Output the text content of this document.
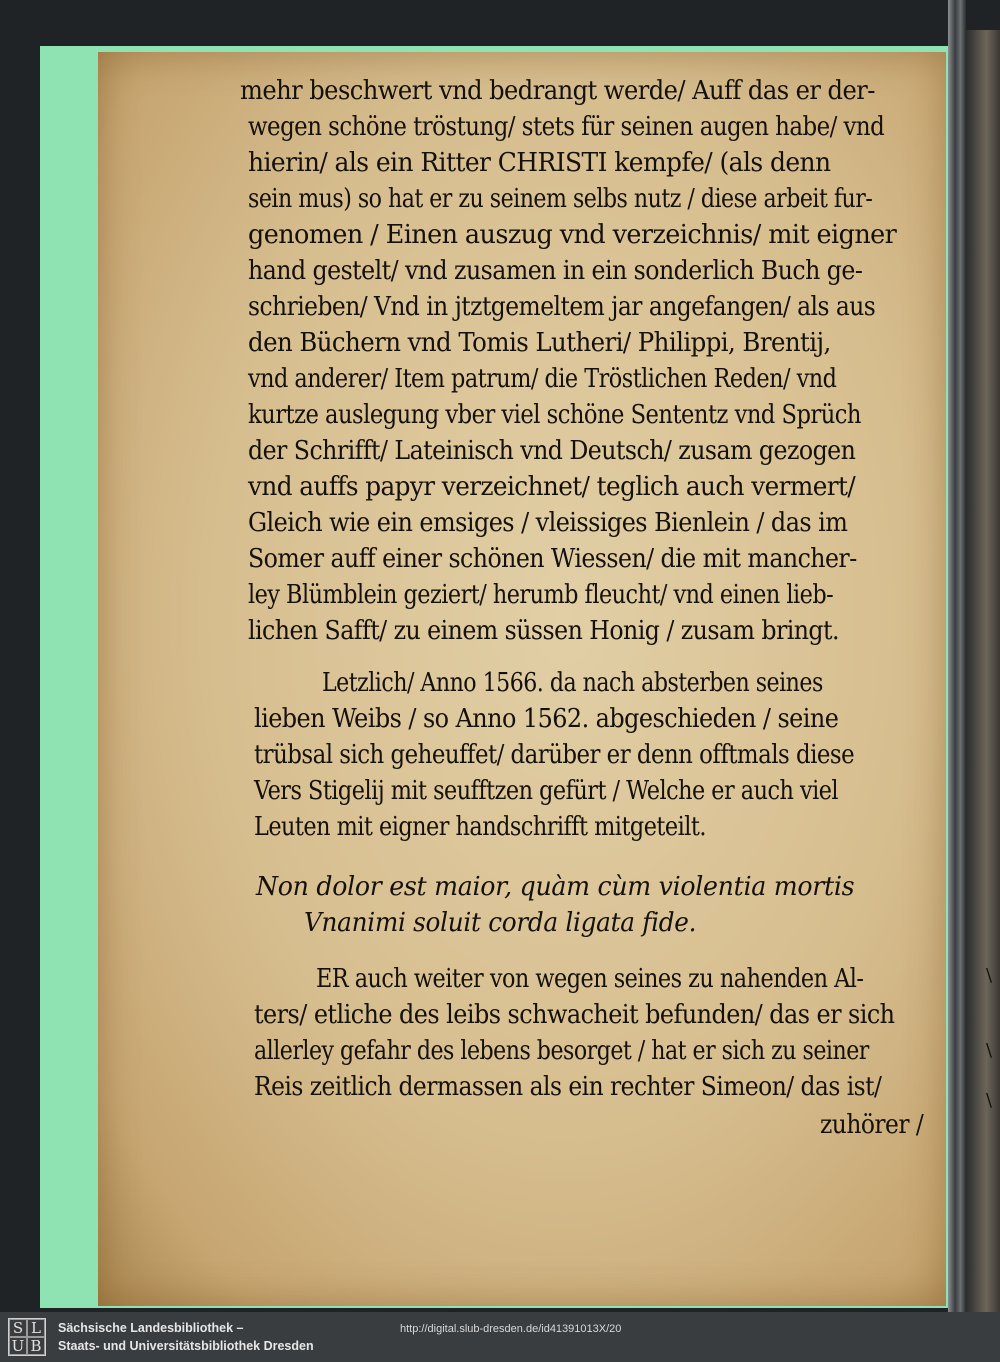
\
\
\
mehr beschwert vnd bedrangt werde/ Auff das er der-
wegen schöne tröstung/ stets für seinen augen habe/ vnd
hierin/ als ein Ritter CHRISTI kempfe/ (als denn
sein mus) so hat er zu seinem selbs nutz / diese arbeit fur-
genomen / Einen auszug vnd verzeichnis/ mit eigner
hand gestelt/ vnd zusamen in ein sonderlich Buch ge-
schrieben/ Vnd in jtztgemeltem jar angefangen/ als aus
den Büchern vnd Tomis Lutheri/ Philippi, Brentij,
vnd anderer/ Item patrum/ die Tröstlichen Reden/ vnd
kurtze auslegung vber viel schöne Sententz vnd Sprüch
der Schrifft/ Lateinisch vnd Deutsch/ zusam gezogen
vnd auffs papyr verzeichnet/ teglich auch vermert/
Gleich wie ein emsiges / vleissiges Bienlein / das im
Somer auff einer schönen Wiessen/ die mit mancher-
ley Blümblein geziert/ herumb fleucht/ vnd einen lieb-
lichen Safft/ zu einem süssen Honig / zusam bringt.
Letzlich/ Anno 1566. da nach absterben seines
lieben Weibs / so Anno 1562. abgeschieden / seine
trübsal sich geheuffet/ darüber er denn offtmals diese
Vers Stigelij mit seufftzen gefürt / Welche er auch viel
Leuten mit eigner handschrifft mitgeteilt.
Non dolor est maior, quàm cùm violentia mortis
Vnanimi soluit corda ligata fide.
ER auch weiter von wegen seines zu nahenden Al-
ters/ etliche des leibs schwacheit befunden/ das er sich
allerley gefahr des lebens besorget / hat er sich zu seiner
Reis zeitlich dermassen als ein rechter Simeon/ das ist/
zuhörer /
S L
U B
Sächsische Landesbibliothek –
Staats- und Universitätsbibliothek Dresden
http://digital.slub-dresden.de/id41391013X/20
